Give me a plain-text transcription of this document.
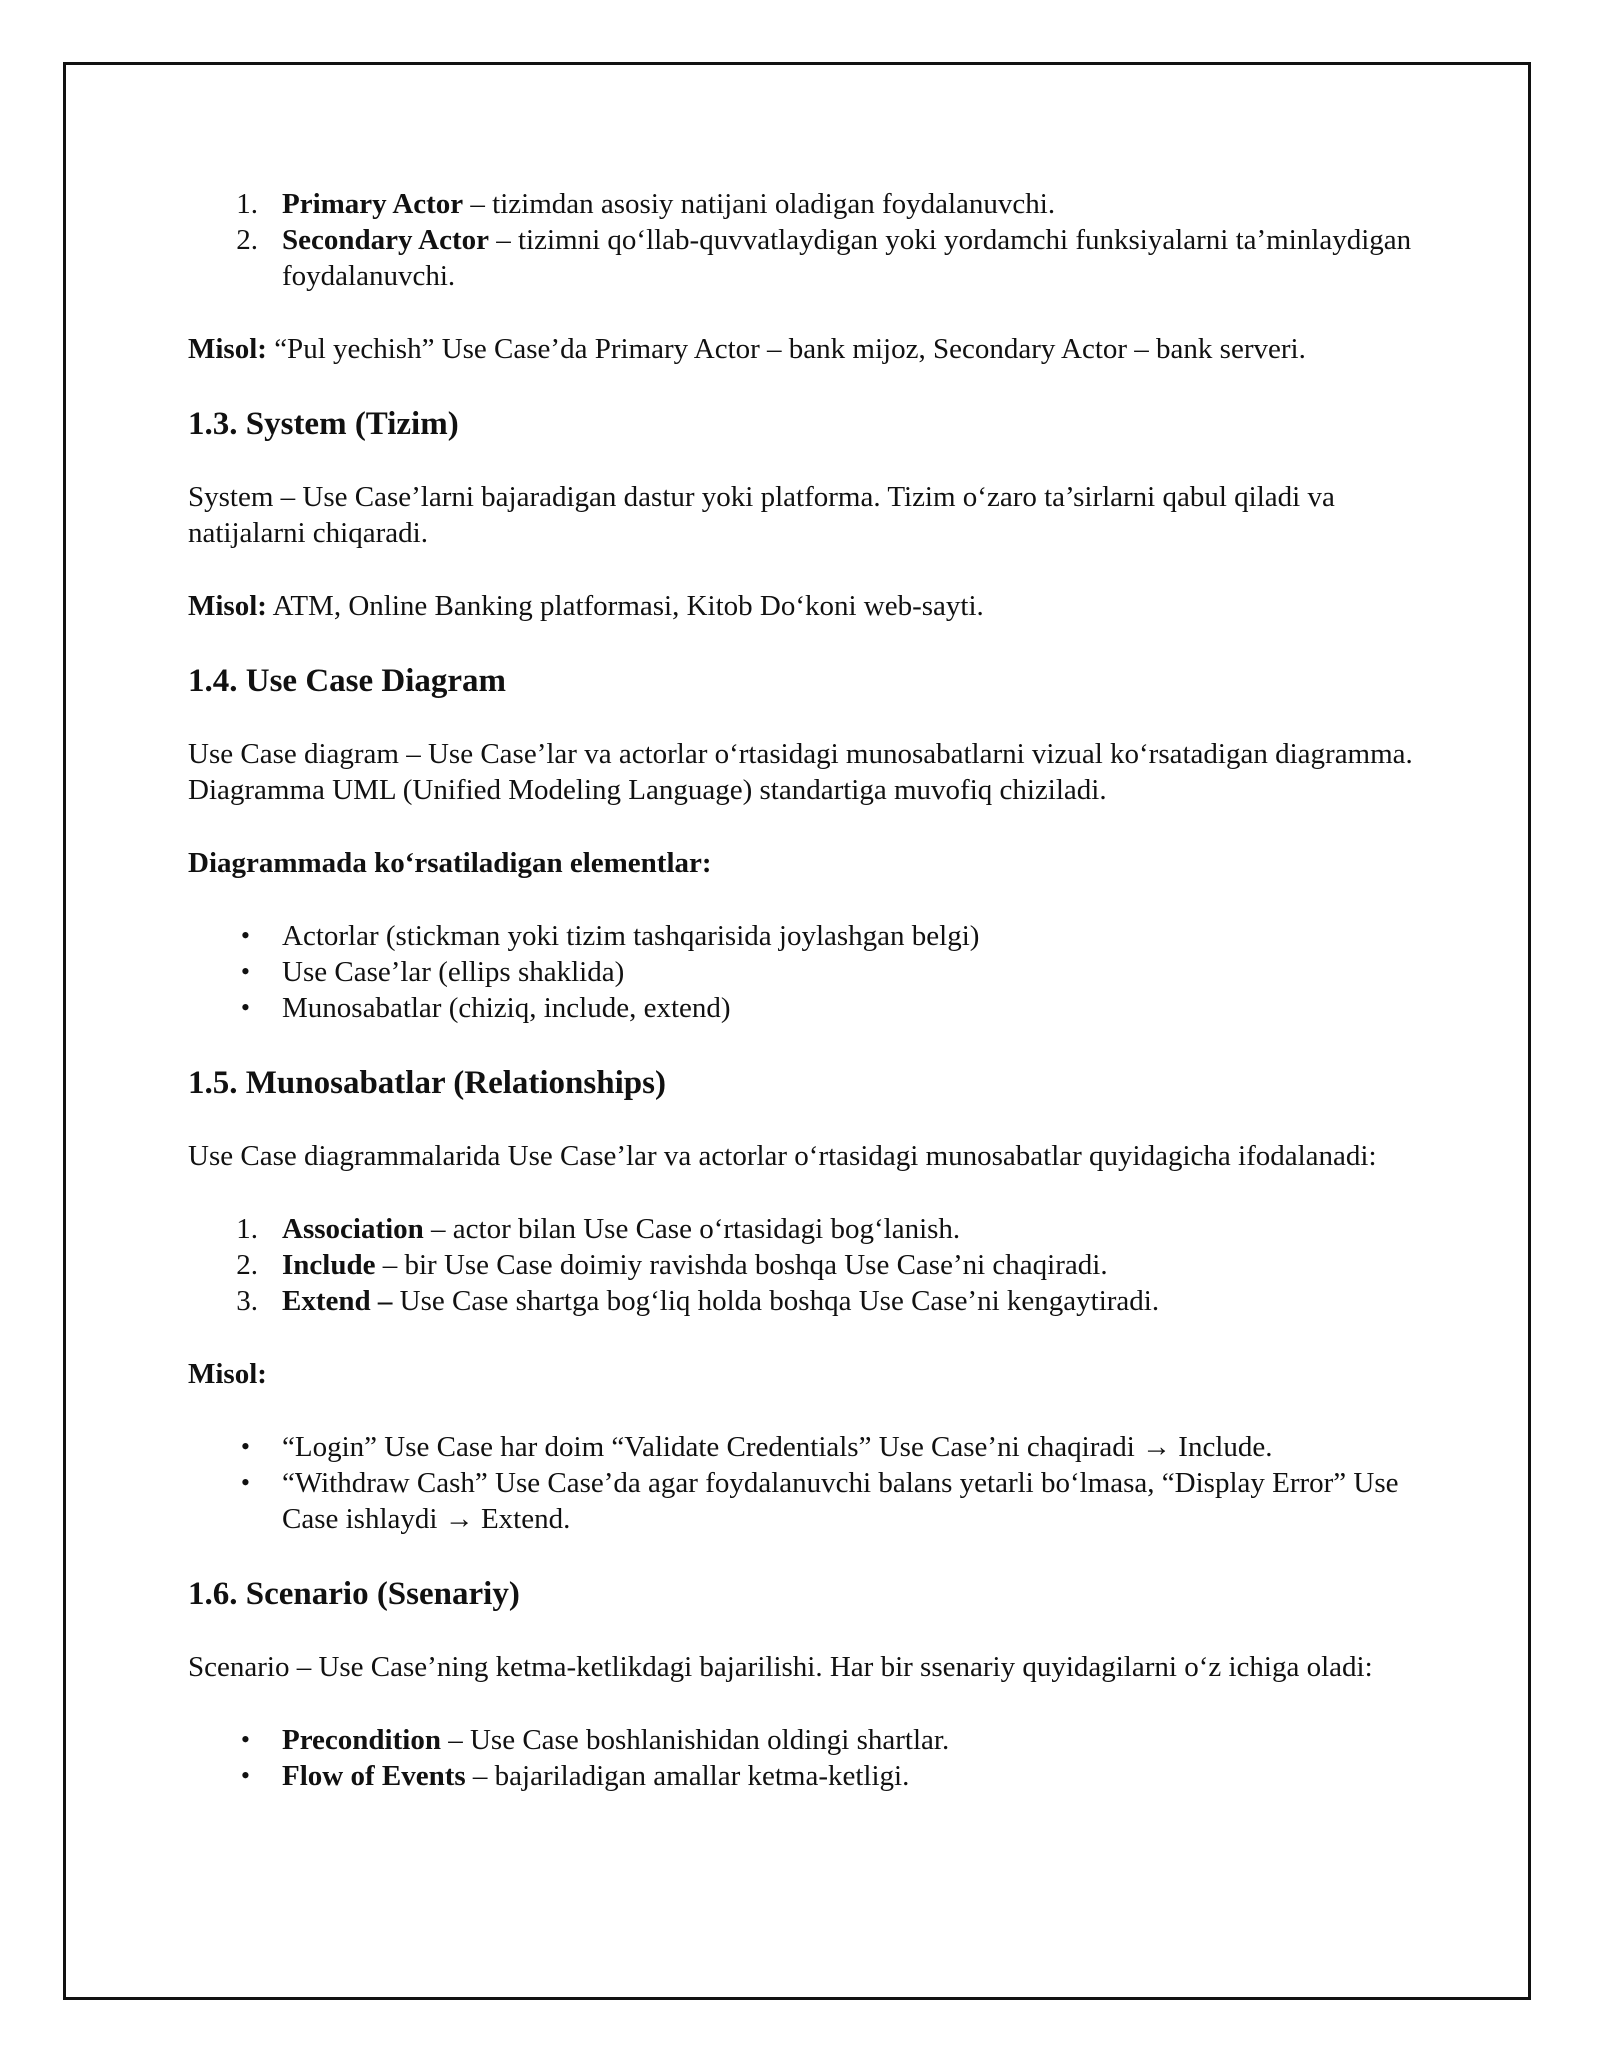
1. Primary Actor – tizimdan asosiy natijani oladigan foydalanuvchi.
2. Secondary Actor – tizimni qo‘llab-quvvatlaydigan yoki yordamchi funksiyalarni ta’minlaydigan foydalanuvchi.

Misol: “Pul yechish” Use Case’da Primary Actor – bank mijoz, Secondary Actor – bank serveri.

1.3. System (Tizim)

System – Use Case’larni bajaradigan dastur yoki platforma. Tizim o‘zaro ta’sirlarni qabul qiladi va natijalarni chiqaradi.

Misol: ATM, Online Banking platformasi, Kitob Do‘koni web-sayti.

1.4. Use Case Diagram

Use Case diagram – Use Case’lar va actorlar o‘rtasidagi munosabatlarni vizual ko‘rsatadigan diagramma. Diagramma UML (Unified Modeling Language) standartiga muvofiq chiziladi.

Diagrammada ko‘rsatiladigan elementlar:

• Actorlar (stickman yoki tizim tashqarisida joylashgan belgi)
• Use Case’lar (ellips shaklida)
• Munosabatlar (chiziq, include, extend)
1.5. Munosabatlar (Relationships)

Use Case diagrammalarida Use Case’lar va actorlar o‘rtasidagi munosabatlar quyidagicha ifodalanadi:

1. Association – actor bilan Use Case o‘rtasidagi bog‘lanish.
2. Include – bir Use Case doimiy ravishda boshqa Use Case’ni chaqiradi.
3. Extend – Use Case shartga bog‘liq holda boshqa Use Case’ni kengaytiradi.

Misol:

• “Login” Use Case har doim “Validate Credentials” Use Case’ni chaqiradi → Include.
• “Withdraw Cash” Use Case’da agar foydalanuvchi balans yetarli bo‘lmasa, “Display Error” Use Case ishlaydi → Extend.
1.6. Scenario (Ssenariy)

Scenario – Use Case’ning ketma-ketlikdagi bajarilishi. Har bir ssenariy quyidagilarni o‘z ichiga oladi:

• Precondition – Use Case boshlanishidan oldingi shartlar.
• Flow of Events – bajariladigan amallar ketma-ketligi.
